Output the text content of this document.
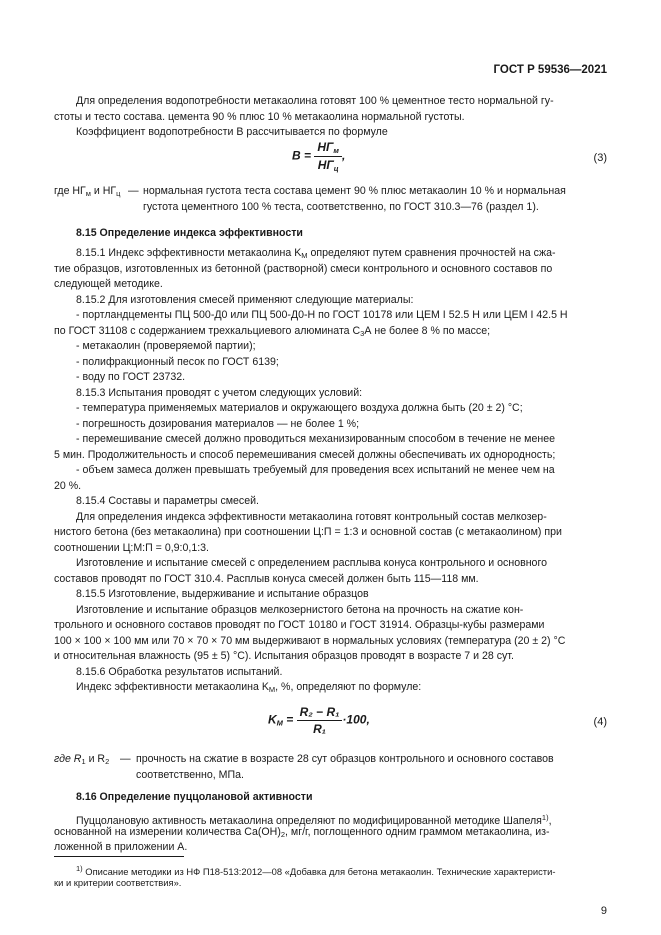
ГОСТ Р 59536—2021
Для определения водопотребности метакаолина готовят 100 % цементное тесто нормальной гу-
стоты и тесто состава. цемента 90 % плюс 10 % метакаолина нормальной густоты.
Коэффициент водопотребности В рассчитывается по формуле
$В = \frac{НГ_м}{НГ_ц}$ ,	(3)
где $НГ_м$ и $НГ_ц$ — нормальная густота теста состава цемент 90 % плюс метакаолин 10 % и нормальная
густота цементного 100 % теста, соответственно, по ГОСТ 310.3—76 (раздел 1).
8.15 Определение индекса эффективности
8.15.1 Индекс эффективности метакаолина $K_М$ определяют путем сравнения прочностей на сжа-
тие образцов, изготовленных из бетонной (растворной) смеси контрольного и основного составов по
следующей методике.
8.15.2 Для изготовления смесей применяют следующие материалы:
- портландцементы ПЦ 500-Д0 или ПЦ 500-Д0-Н по ГОСТ 10178 или ЦЕМ I 52.5 Н или ЦЕМ I 42.5 Н
по ГОСТ 31108 с содержанием трехкальциевого алюмината $С_3А$ не более 8 % по массе;
- метакаолин (проверяемой партии);
- полифракционный песок по ГОСТ 6139;
- воду по ГОСТ 23732.
8.15.3 Испытания проводят с учетом следующих условий:
- температура применяемых материалов и окружающего воздуха должна быть (20 ± 2) °С;
- погрешность дозирования материалов — не более 1 %;
- перемешивание смесей должно проводиться механизированным способом в течение не менее
5 мин. Продолжительность и способ перемешивания смесей должны обеспечивать их однородность;
- объем замеса должен превышать требуемый для проведения всех испытаний не менее чем на
20 %.
8.15.4 Составы и параметры смесей.
Для определения индекса эффективности метакаолина готовят контрольный состав мелкозер-
нистого бетона (без метакаолина) при соотношении Ц:П = 1:3 и основной состав (с метакаолином) при
соотношении Ц:М:П = 0,9:0,1:3.
Изготовление и испытание смесей с определением расплыва конуса контрольного и основного
составов проводят по ГОСТ 310.4. Расплыв конуса смесей должен быть 115—118 мм.
8.15.5 Изготовление, выдерживание и испытание образцов
Изготовление и испытание образцов мелкозернистого бетона на прочность на сжатие кон-
трольного и основного составов проводят по ГОСТ 10180 и ГОСТ 31914. Образцы-кубы размерами
100 × 100 × 100 мм или 70 × 70 × 70 мм выдерживают в нормальных условиях (температура (20 ± 2) °С
и относительная влажность (95 ± 5) °С). Испытания образцов проводят в возрасте 7 и 28 сут.
8.15.6 Обработка результатов испытаний.
Индекс эффективности метакаолина $K_М$, %, определяют по формуле:
$K_M = \frac{\text{R₂ − R₁}}{\text{R₁}} \cdot 100$,	(4)
где $R_1$ и $R_2$	— прочность на сжатие в возрасте 28 сут образцов контрольного и основного составов
соответственно, МПа.
8.16 Определение пуццолановой активности
Пуццолановую активность метакаолина определяют по модифицированной методике Шапеля$^{1)}$,
основанной на измерении количества $Са(ОН)_2$, мг/г, поглощенного одним граммом метакаолина, из-
ложенной в приложении А.
$^{1)}$ Описание методики из НФ П18-513:2012—08 «Добавка для бетона метакаолин. Технические характеристи-
ки и критерии соответствия».
9
